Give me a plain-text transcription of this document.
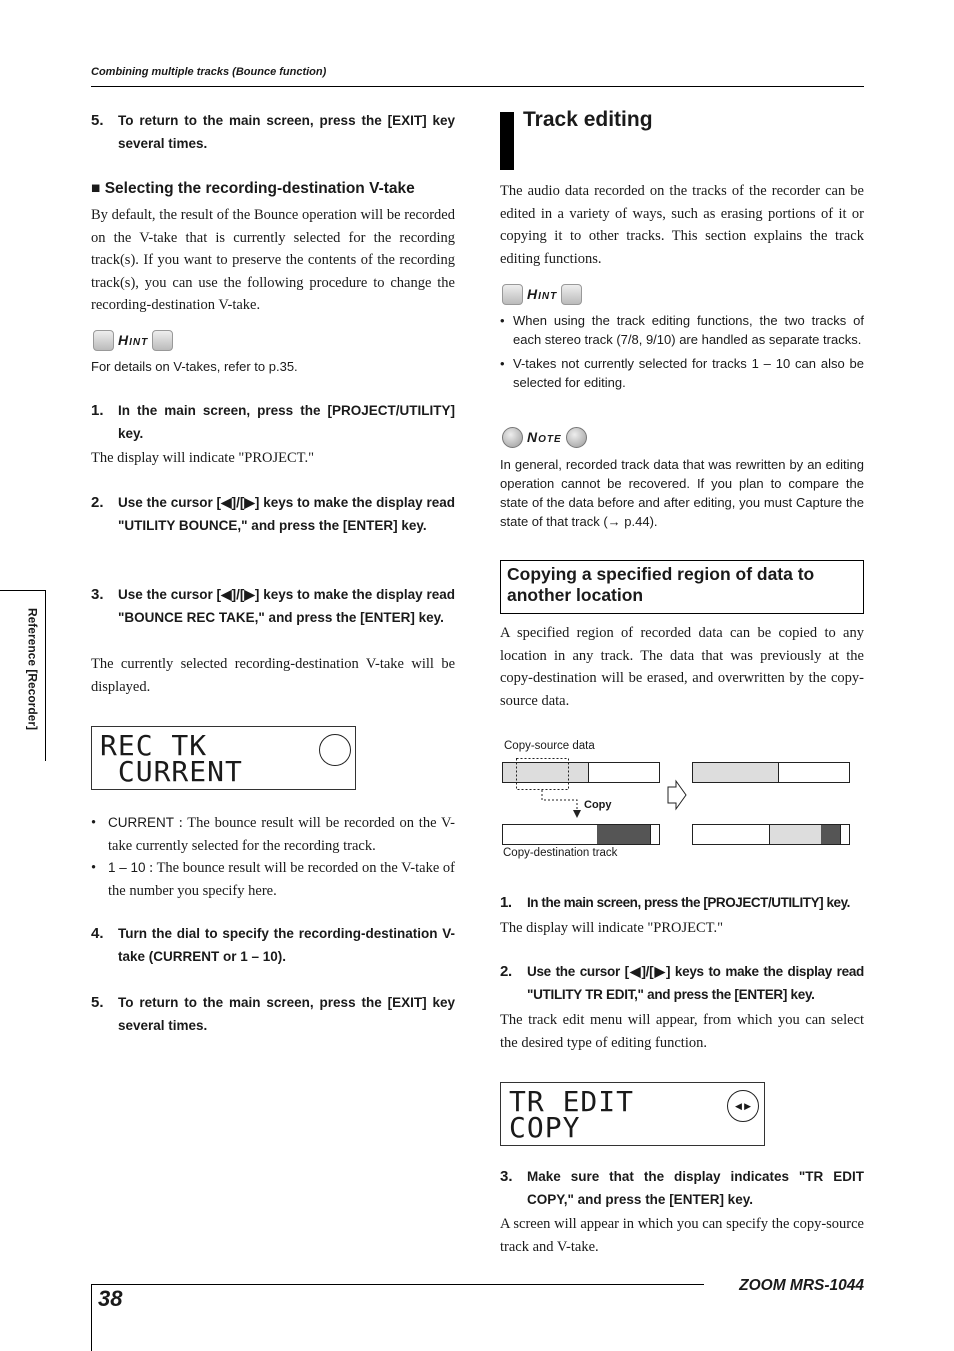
Combining multiple tracks (Bounce function)
Reference [Recorder]
5.	To return to the main screen, press the [EXIT] key several times.
■ Selecting the recording-destination V-take
By default, the result of the Bounce operation will be recorded on the V-take that is currently selected for the recording track(s). If you want to preserve the contents of the recording track(s), you can use the following procedure to change the recording-destination V-take.
Hint
For details on V-takes, refer to p.35.
1.	In the main screen, press the [PROJECT/UTILITY] key.
The display will indicate "PROJECT."
2.	Use the cursor [◀]/[▶] keys to make the display read "UTILITY BOUNCE," and press the [ENTER] key.
3.	Use the cursor [◀]/[▶] keys to make the display read "BOUNCE REC TAKE," and press the [ENTER] key.
The currently selected recording-destination V-take will be displayed.
REC TK
CURRENT
• CURRENT : The bounce result will be recorded on the V-take currently selected for the recording track.
• 1 – 10 : The bounce result will be recorded on the V-take of the number you specify here.
4.	Turn the dial to specify the recording-destination V-take (CURRENT or 1 – 10).
5.	To return to the main screen, press the [EXIT] key several times.
Track editing
The audio data recorded on the tracks of the recorder can be edited in a variety of ways, such as erasing portions of it or copying it to other tracks. This section explains the track editing functions.
Hint
• When using the track editing functions, the two tracks of each stereo track (7/8, 9/10) are handled as separate tracks.
• V-takes not currently selected for tracks 1 – 10 can also be selected for editing.
Note
In general, recorded track data that was rewritten by an editing operation cannot be recovered. If you plan to compare the state of the data before and after editing, you must Capture the state of that track (→ p.44).
Copying a specified region of data to another location
A specified region of recorded data can be copied to any location in any track. The data that was previously at the copy-destination will be erased, and overwritten by the copy-source data.
Copy-source data
Copy
Copy-destination track
1.	In the main screen, press the [PROJECT/UTILITY] key.
The display will indicate "PROJECT."
2.	Use the cursor [◀]/[▶] keys to make the display read "UTILITY TR EDIT," and press the [ENTER] key.
The track edit menu will appear, from which you can select the desired type of editing function.
TR EDIT
COPY
◀ ▶
3.	Make sure that the display indicates "TR EDIT COPY," and press the [ENTER] key.
A screen will appear in which you can specify the copy-source track and V-take.
38
ZOOM MRS-1044
